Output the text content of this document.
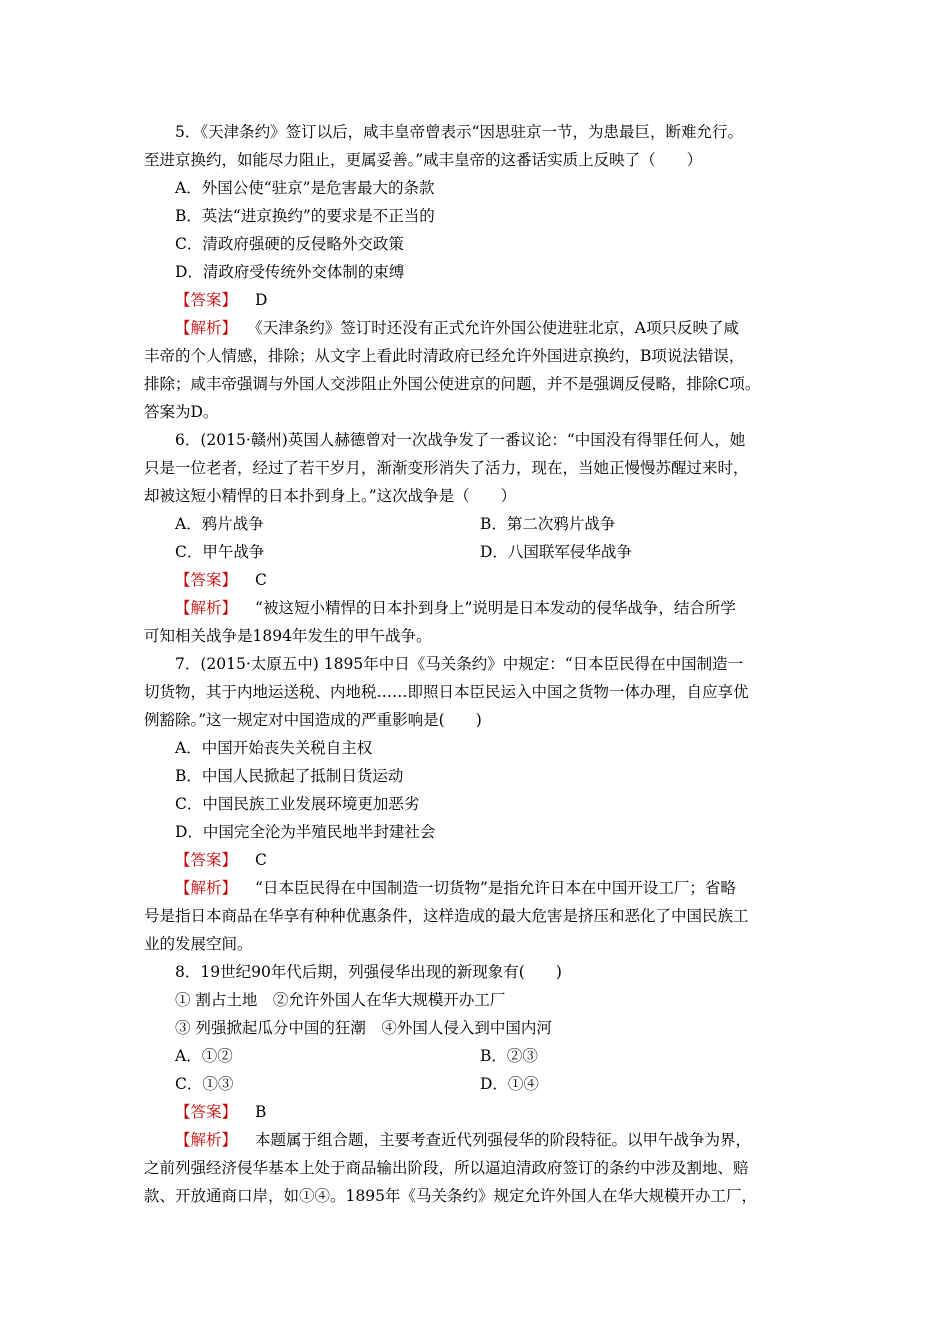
5．《天津条约》签订以后，咸丰皇帝曾表示“因思驻京一节，为患最巨，断难允行。
至进京换约，如能尽力阻止，更属妥善。”咸丰皇帝的这番话实质上反映了（　　）
A．外国公使“驻京”是危害最大的条款
B．英法“进京换约”的要求是不正当的
C．清政府强硬的反侵略外交政策
D．清政府受传统外交体制的束缚
【答案】 D
【解析】 《天津条约》签订时还没有正式允许外国公使进驻北京，A项只反映了咸
丰帝的个人情感，排除；从文字上看此时清政府已经允许外国进京换约，B项说法错误，
排除；咸丰帝强调与外国人交涉阻止外国公使进京的问题，并不是强调反侵略，排除C项。
答案为D。
6．(2015·赣州)英国人赫德曾对一次战争发了一番议论：“中国没有得罪任何人，她
只是一位老者，经过了若干岁月，渐渐变形消失了活力，现在，当她正慢慢苏醒过来时，
却被这短小精悍的日本扑到身上。”这次战争是（　　）
A．鸦片战争	B．第二次鸦片战争
C．甲午战争	D．八国联军侵华战争
【答案】 C
【解析】 “被这短小精悍的日本扑到身上”说明是日本发动的侵华战争，结合所学
可知相关战争是1894年发生的甲午战争。
7．(2015·太原五中) 1895年中日《马关条约》中规定：“日本臣民得在中国制造一
切货物，其于内地运送税、内地税……即照日本臣民运入中国之货物一体办理，自应享优
例豁除。”这一规定对中国造成的严重影响是(　　)
A．中国开始丧失关税自主权
B．中国人民掀起了抵制日货运动
C．中国民族工业发展环境更加恶劣
D．中国完全沦为半殖民地半封建社会
【答案】 C
【解析】 “日本臣民得在中国制造一切货物”是指允许日本在中国开设工厂；省略
号是指日本商品在华享有种种优惠条件，这样造成的最大危害是挤压和恶化了中国民族工
业的发展空间。
8．19世纪90年代后期，列强侵华出现的新现象有(　　)
① 割占土地　②允许外国人在华大规模开办工厂
③ 列强掀起瓜分中国的狂潮　④外国人侵入到中国内河
A．①②	B．②③
C．①③	D．①④
【答案】 B
【解析】 本题属于组合题，主要考查近代列强侵华的阶段特征。以甲午战争为界，
之前列强经济侵华基本上处于商品输出阶段，所以逼迫清政府签订的条约中涉及割地、赔
款、开放通商口岸，如①④。1895年《马关条约》规定允许外国人在华大规模开办工厂，
